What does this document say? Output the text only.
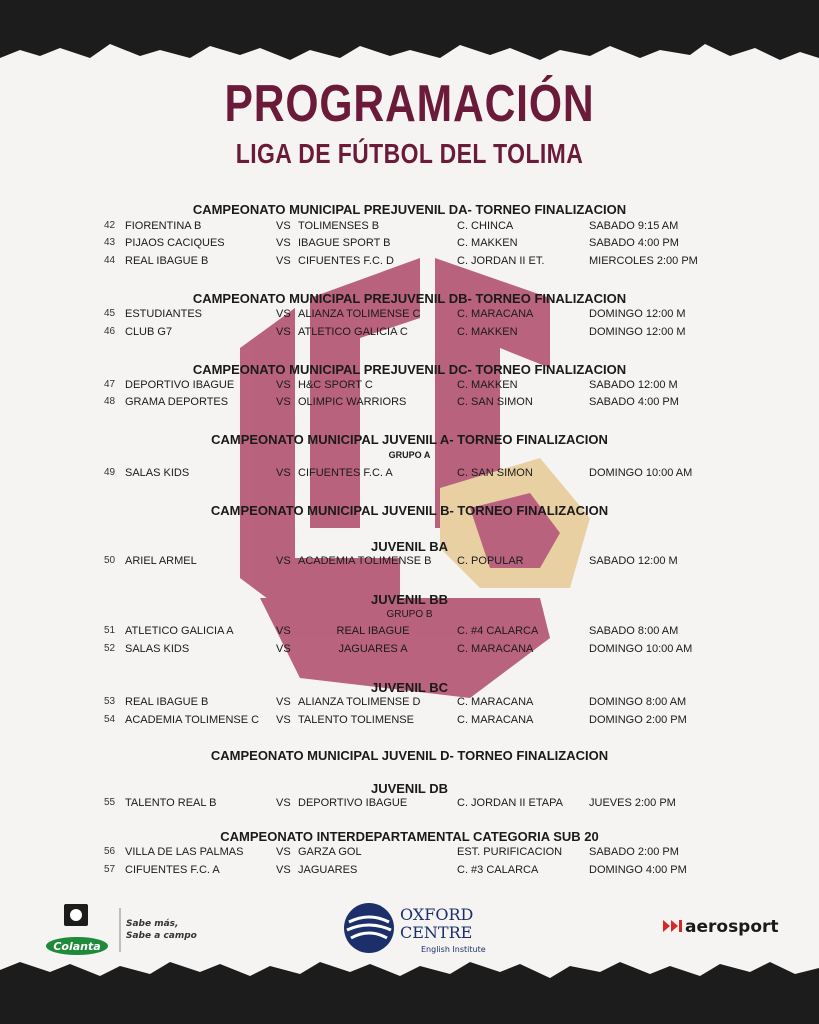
PROGRAMACIÓN
LIGA DE FÚTBOL DEL TOLIMA
CAMPEONATO MUNICIPAL PREJUVENIL DA- TORNEO FINALIZACION
42 FIORENTINA B	VS TOLIMENSES B	C. CHINCA	SABADO 9:15 AM
43 PIJAOS CACIQUES	VS IBAGUE SPORT B	C. MAKKEN	SABADO 4:00 PM
44 REAL IBAGUE B	VS CIFUENTES F.C. D	C. JORDAN II ET.	MIERCOLES 2:00 PM
CAMPEONATO MUNICIPAL PREJUVENIL DB- TORNEO FINALIZACION
45 ESTUDIANTES	VS ALIANZA TOLIMENSE C	C. MARACANA	DOMINGO 12:00 M
46 CLUB G7	VS ATLETICO GALICIA C	C. MAKKEN	DOMINGO 12:00 M
CAMPEONATO MUNICIPAL PREJUVENIL DC- TORNEO FINALIZACION
47 DEPORTIVO IBAGUE	VS H&C SPORT C	C. MAKKEN	SABADO 12:00 M
48 GRAMA DEPORTES	VS OLIMPIC WARRIORS	C. SAN SIMON	SABADO 4:00 PM
CAMPEONATO MUNICIPAL JUVENIL A- TORNEO FINALIZACION
GRUPO A
49 SALAS KIDS	VS CIFUENTES F.C. A	C. SAN SIMON	DOMINGO 10:00 AM
CAMPEONATO MUNICIPAL JUVENIL B- TORNEO FINALIZACION
JUVENIL BA
50 ARIEL ARMEL	VS ACADEMIA TOLIMENSE B C. POPULAR	SABADO 12:00 M
JUVENIL BB
GRUPO B
51 ATLETICO GALICIA A	VS	REAL IBAGUE	C. #4 CALARCA	SABADO 8:00 AM
52 SALAS KIDS	VS	JAGUARES A	C. MARACANA	DOMINGO 10:00 AM
JUVENIL BC
53 REAL IBAGUE B	VS ALIANZA TOLIMENSE D	C. MARACANA	DOMINGO 8:00 AM
54 ACADEMIA TOLIMENSE C VS TALENTO TOLIMENSE	C. MARACANA	DOMINGO 2:00 PM
CAMPEONATO MUNICIPAL JUVENIL D- TORNEO FINALIZACION
JUVENIL DB
55 TALENTO REAL B	VS DEPORTIVO IBAGUE	C. JORDAN II ETAPA JUEVES 2:00 PM
CAMPEONATO INTERDEPARTAMENTAL CATEGORIA SUB 20
56 VILLA DE LAS PALMAS	VS GARZA GOL	EST. PURIFICACION SABADO 2:00 PM
57 CIFUENTES F.C. A	VS JAGUARES	C. #3 CALARCA	DOMINGO 4:00 PM
Colanta
Sabe más,
Sabe a campo
OXFORD
CENTRE
English Institute
aerosport
